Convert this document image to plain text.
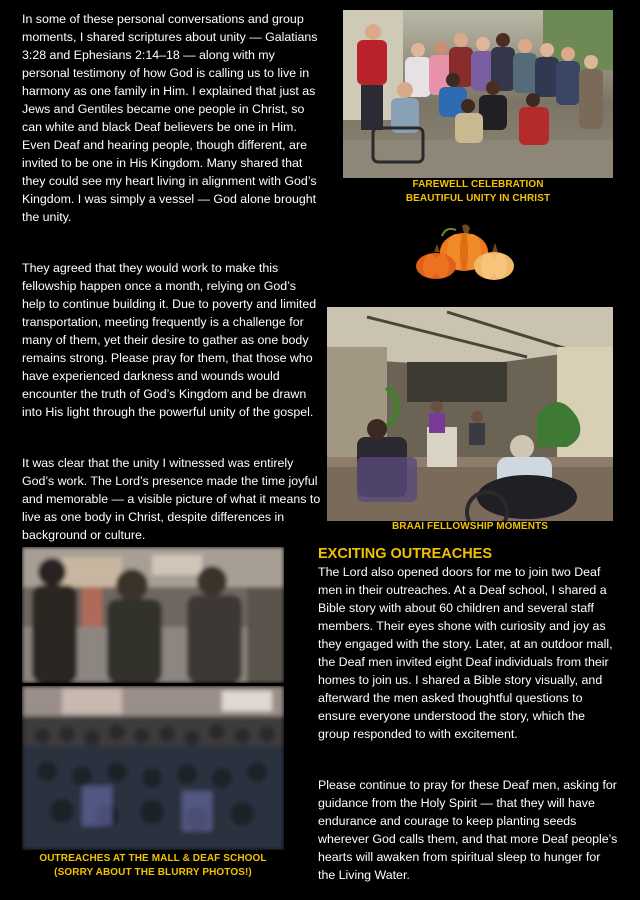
In some of these personal conversations and group moments, I shared scriptures about unity — Galatians 3:28 and Ephesians 2:14–18 — along with my personal testimony of how God is calling us to live in harmony as one family in Him. I explained that just as Jews and Gentiles became one people in Christ, so can white and black Deaf believers be one in Him. Even Deaf and hearing people, though different, are invited to be one in His Kingdom. Many shared that they could see my heart living in alignment with God’s Kingdom. I was simply a vessel — God alone brought the unity.

They agreed that they would work to make this fellowship happen once a month, relying on God’s help to continue building it. Due to poverty and limited transportation, meeting frequently is a challenge for many of them, yet their desire to gather as one body remains strong. Please pray for them, that those who have experienced darkness and wounds would encounter the truth of God’s Kingdom and be drawn into His light through the powerful unity of the gospel.

It was clear that the unity I witnessed was entirely God’s work. The Lord’s presence made the time joyful and memorable — a visible picture of what it means to live as one body in Christ, despite differences in background or culture.

FAREWELL CELEBRATION

BEAUTIFUL UNITY IN CHRIST

BRAAI FELLOWSHIP MOMENTS

OUTREACHES AT THE MALL & DEAF SCHOOL

(SORRY ABOUT THE BLURRY PHOTOS!)

EXCITING OUTREACHES

The Lord also opened doors for me to join two Deaf men in their outreaches. At a Deaf school, I shared a Bible story with about 60 children and several staff members. Their eyes shone with curiosity and joy as they engaged with the story. Later, at an outdoor mall, the Deaf men invited eight Deaf individuals from their homes to join us. I shared a Bible story visually, and afterward the men asked thoughtful questions to ensure everyone understood the story, which the group responded to with excitement.

Please continue to pray for these Deaf men, asking for guidance from the Holy Spirit — that they will have endurance and courage to keep planting seeds wherever God calls them, and that more Deaf people’s hearts will awaken from spiritual sleep to hunger for the Living Water.
